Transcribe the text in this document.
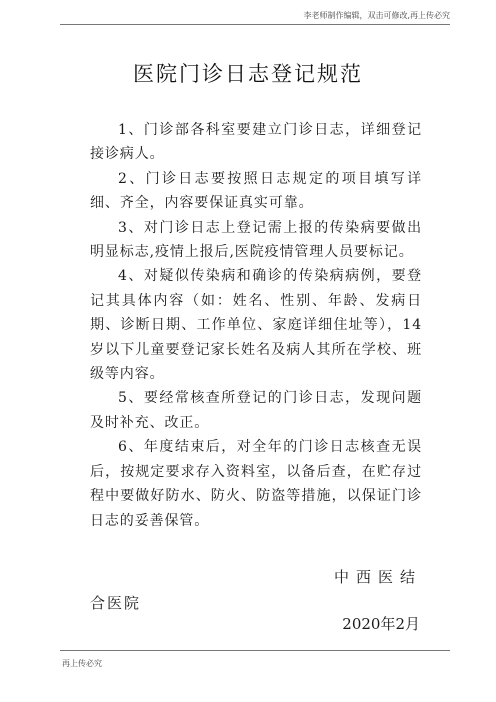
李老师制作编辑，双击可修改,再上传必究
医院门诊日志登记规范

1、门诊部各科室要建立门诊日志，详细登记接诊病人。

2、门诊日志要按照日志规定的项目填写详细、齐全，内容要保证真实可靠。

3、对门诊日志上登记需上报的传染病要做出明显标志,疫情上报后,医院疫情管理人员要标记。

4、对疑似传染病和确诊的传染病病例，要登记其具体内容（如：姓名、性别、年龄、发病日期、诊断日期、工作单位、家庭详细住址等），14岁以下儿童要登记家长姓名及病人其所在学校、班级等内容。

5、要经常核查所登记的门诊日志，发现问题及时补充、改正。

6、年度结束后，对全年的门诊日志核查无误后，按规定要求存入资料室，以备后查，在贮存过程中要做好防水、防火、防盗等措施，以保证门诊日志的妥善保管。

中西医结
合医院
2020年2月
再上传必究
